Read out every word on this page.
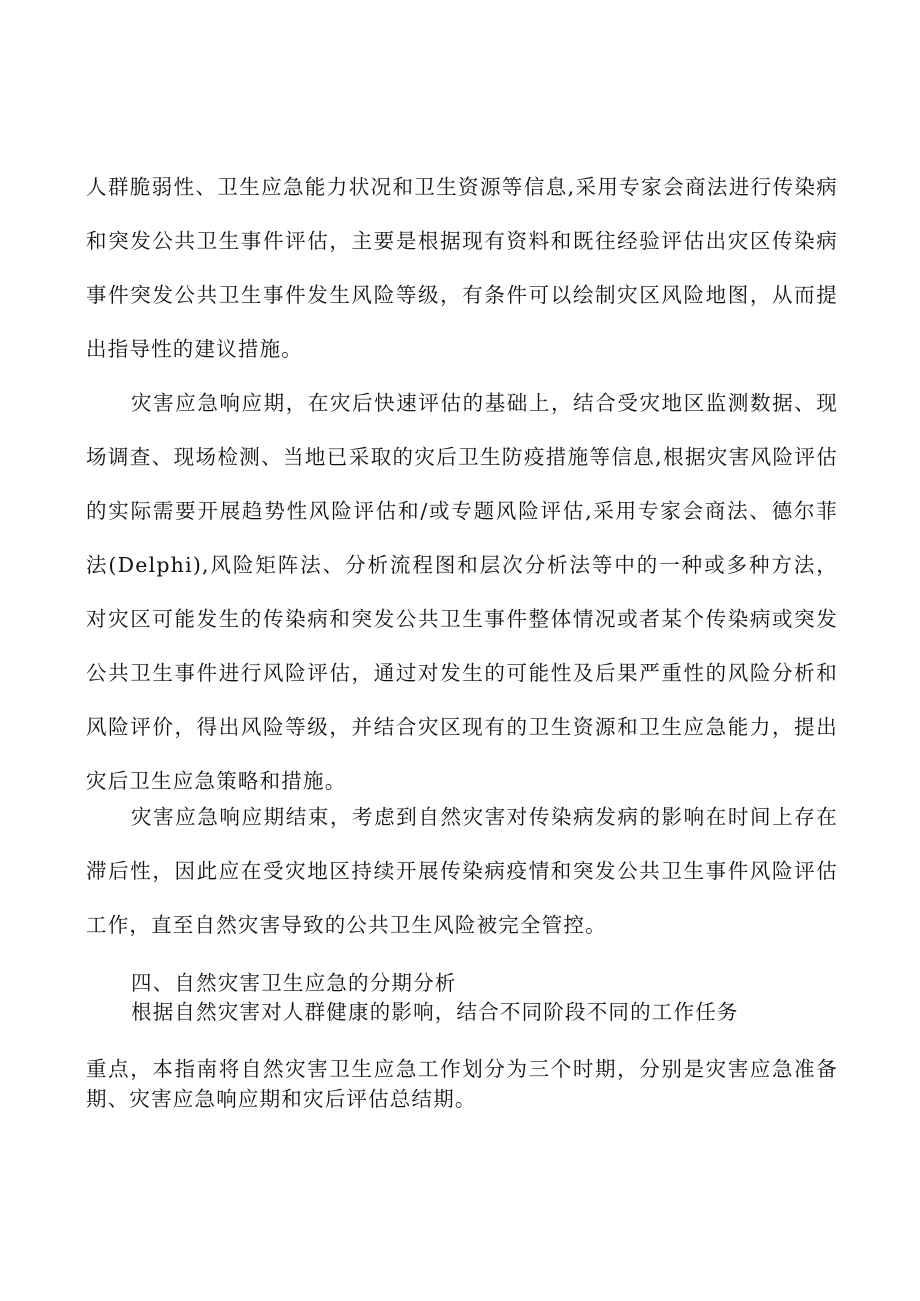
人群脆弱性、卫生应急能力状况和卫生资源等信息,采用专家会商法进行传染病和突发公共卫生事件评估，主要是根据现有资料和既往经验评估出灾区传染病事件突发公共卫生事件发生风险等级，有条件可以绘制灾区风险地图，从而提出指导性的建议措施。

灾害应急响应期，在灾后快速评估的基础上，结合受灾地区监测数据、现场调查、现场检测、当地已采取的灾后卫生防疫措施等信息,根据灾害风险评估的实际需要开展趋势性风险评估和/或专题风险评估,采用专家会商法、德尔菲法(Delphi),风险矩阵法、分析流程图和层次分析法等中的一种或多种方法，对灾区可能发生的传染病和突发公共卫生事件整体情况或者某个传染病或突发公共卫生事件进行风险评估，通过对发生的可能性及后果严重性的风险分析和风险评价，得出风险等级，并结合灾区现有的卫生资源和卫生应急能力，提出灾后卫生应急策略和措施。

灾害应急响应期结束，考虑到自然灾害对传染病发病的影响在时间上存在滞后性，因此应在受灾地区持续开展传染病疫情和突发公共卫生事件风险评估工作，直至自然灾害导致的公共卫生风险被完全管控。

四、自然灾害卫生应急的分期分析

根据自然灾害对人群健康的影响，结合不同阶段不同的工作任务

重点，本指南将自然灾害卫生应急工作划分为三个时期，分别是灾害应急准备期、灾害应急响应期和灾后评估总结期。
